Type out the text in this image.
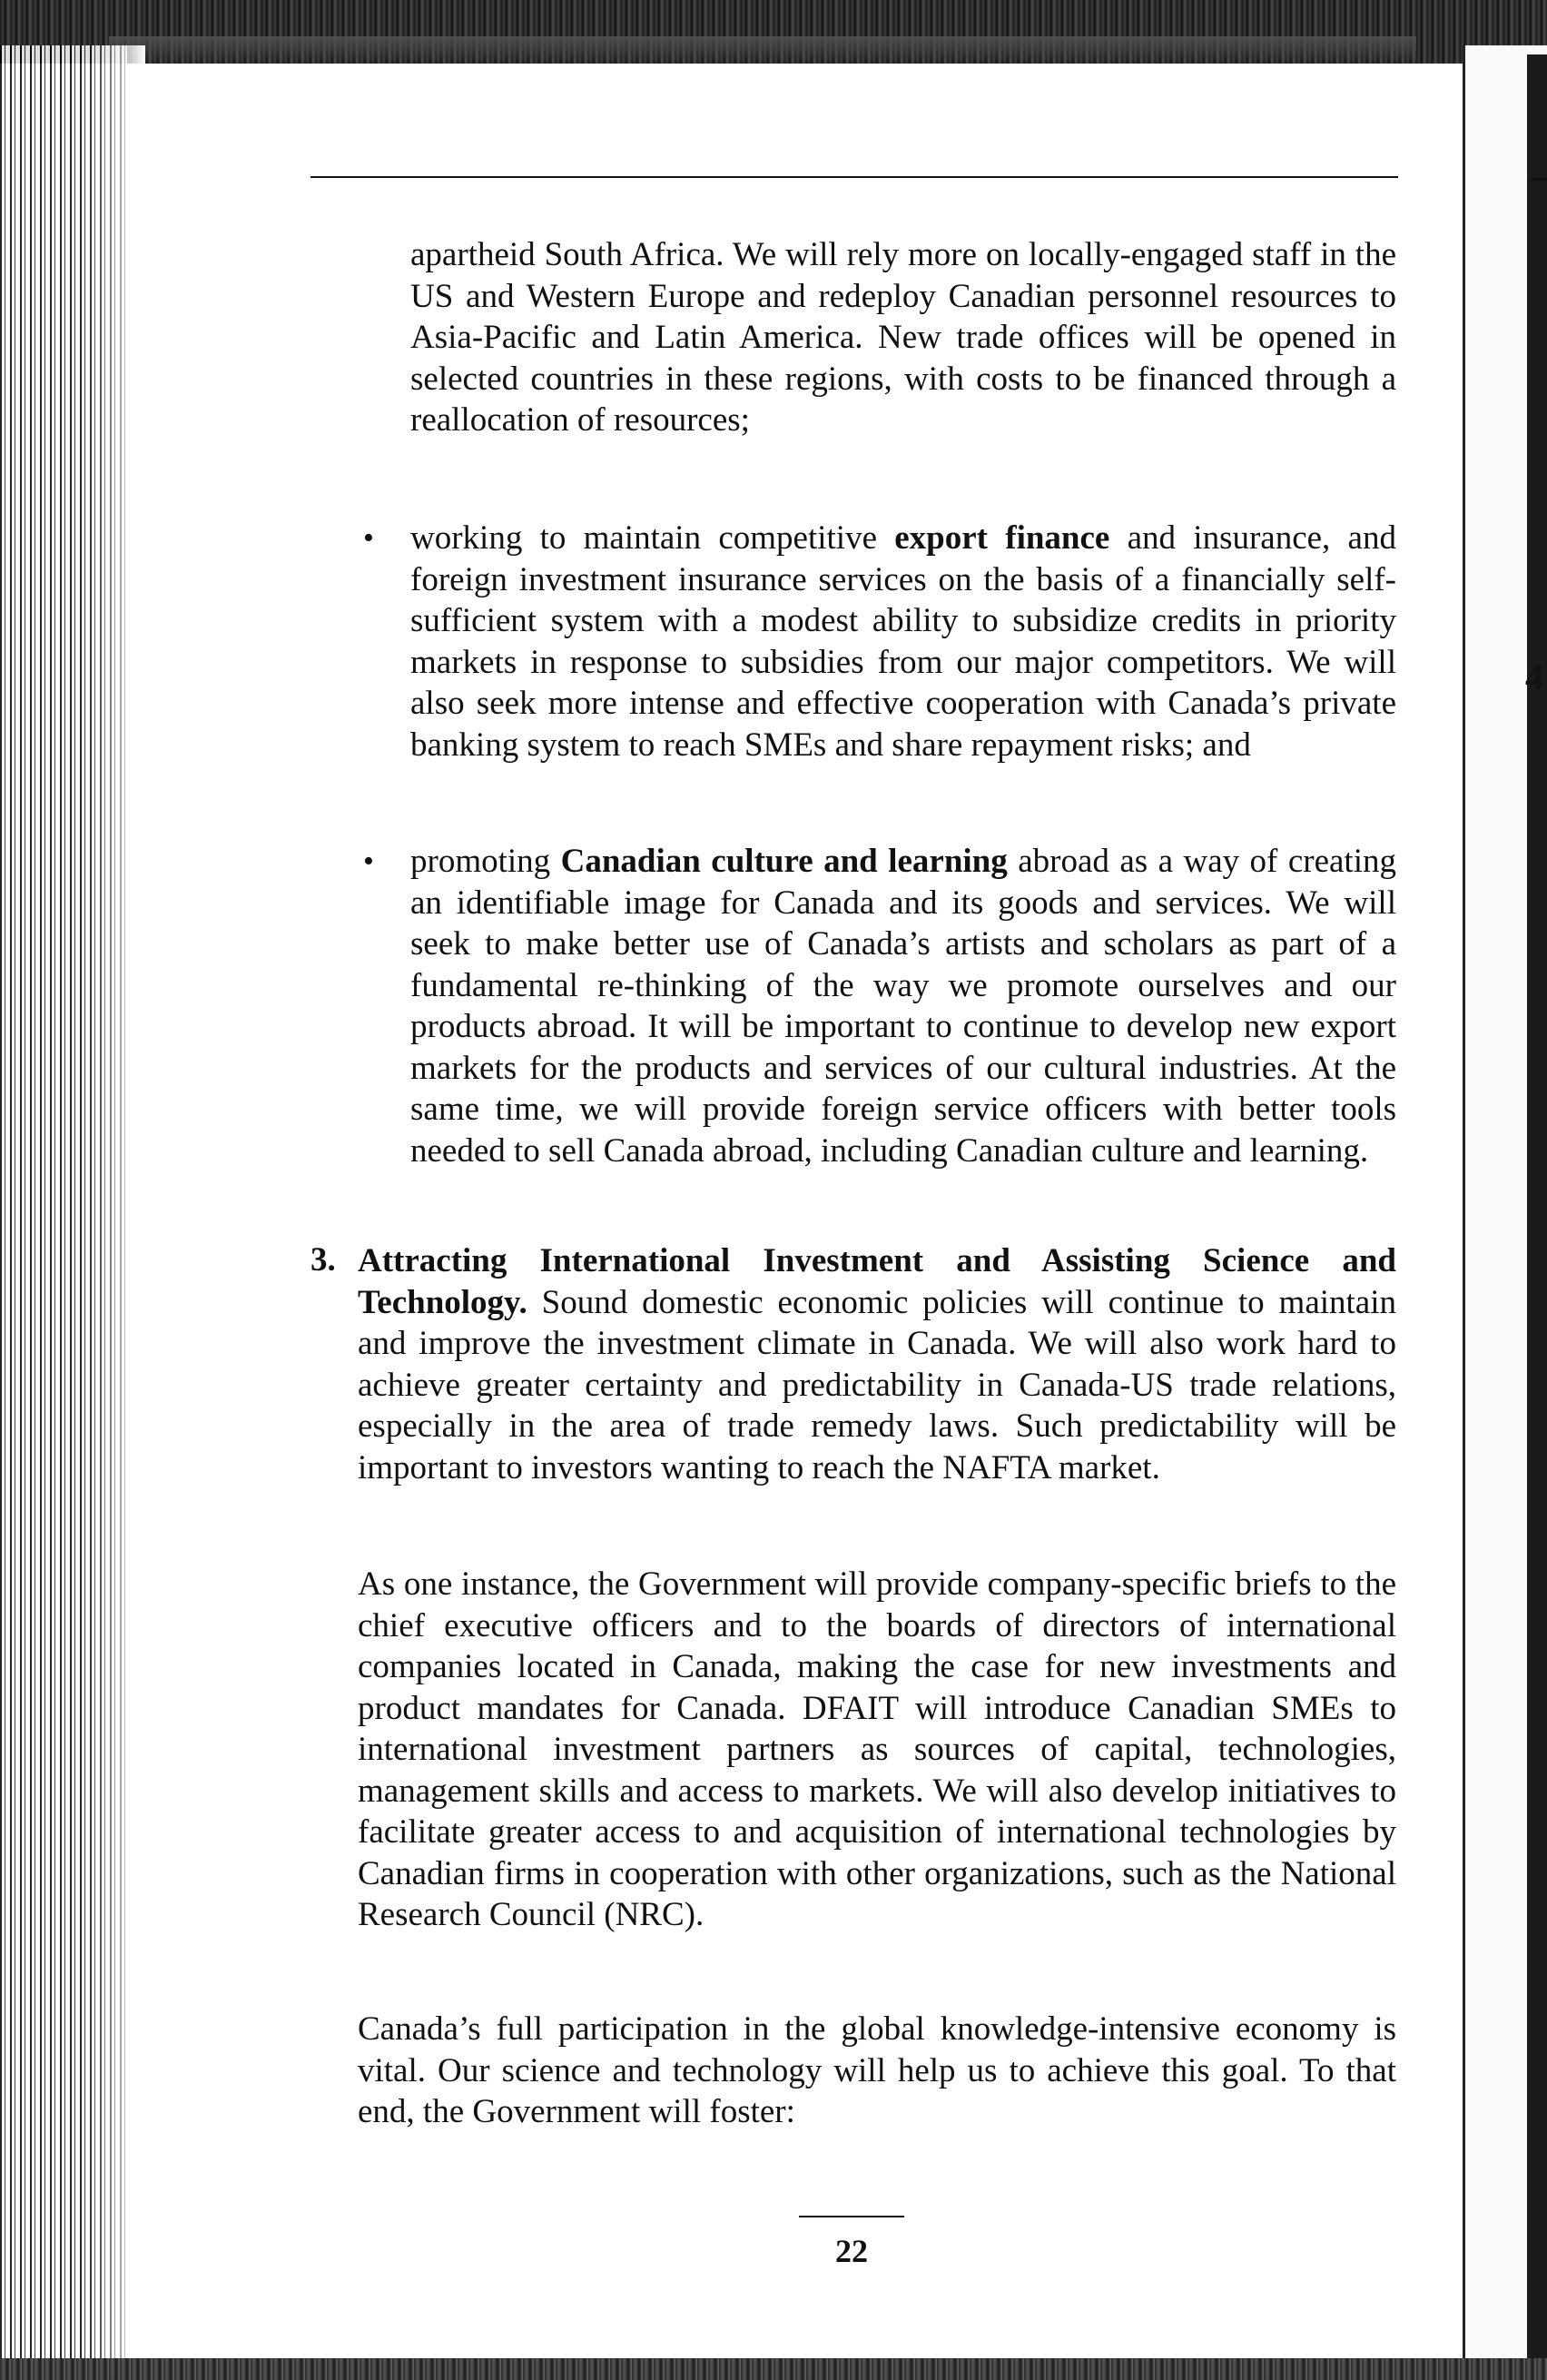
4
apartheid South Africa. We will rely more on locally-engaged staff in the US and Western Europe and redeploy Canadian personnel resources to Asia-Pacific and Latin America. New trade offices will be opened in selected countries in these regions, with costs to be financed through a reallocation of resources;
• working to maintain competitive export finance and insurance, and foreign investment insurance services on the basis of a financially self-sufficient system with a modest ability to subsidize credits in priority markets in response to subsidies from our major competitors. We will also seek more intense and effective cooperation with Canada’s private banking system to reach SMEs and share repayment risks; and
• promoting Canadian culture and learning abroad as a way of creating an identifiable image for Canada and its goods and services. We will seek to make better use of Canada’s artists and scholars as part of a fundamental re-thinking of the way we promote ourselves and our products abroad. It will be important to continue to develop new export markets for the products and services of our cultural industries. At the same time, we will provide foreign service officers with better tools needed to sell Canada abroad, including Canadian culture and learning.
3. Attracting International Investment and Assisting Science and Technology. Sound domestic economic policies will continue to maintain and improve the investment climate in Canada. We will also work hard to achieve greater certainty and predictability in Canada-US trade relations, especially in the area of trade remedy laws. Such predictability will be important to investors wanting to reach the NAFTA market.
As one instance, the Government will provide company-specific briefs to the chief executive officers and to the boards of directors of international companies located in Canada, making the case for new investments and product mandates for Canada. DFAIT will introduce Canadian SMEs to international investment partners as sources of capital, technologies, management skills and access to markets. We will also develop initiatives to facilitate greater access to and acquisition of international technologies by Canadian firms in cooperation with other organizations, such as the National Research Council (NRC).
Canada’s full participation in the global knowledge-intensive economy is vital. Our science and technology will help us to achieve this goal. To that end, the Government will foster:
22
